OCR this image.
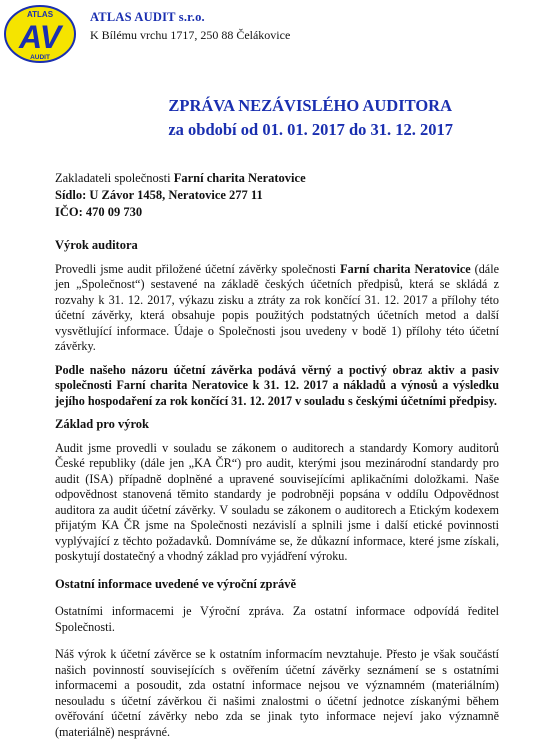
ATLAS
AV
AUDIT
ATLAS AUDIT s.r.o.
K Bílému vrchu 1717, 250 88 Čelákovice
ZPRÁVA NEZÁVISLÉHO AUDITORA
za období od 01. 01. 2017 do 31. 12. 2017
Zakladateli společnosti Farní charita Neratovice
Sídlo: U Závor 1458, Neratovice 277 11
IČO: 470 09 730
Výrok auditora
Provedli jsme audit přiložené účetní závěrky společnosti Farní charita Neratovice (dále jen „Společnost“) sestavené na základě českých účetních předpisů, která se skládá z rozvahy k 31. 12. 2017, výkazu zisku a ztráty za rok končící 31. 12. 2017 a přílohy této účetní závěrky, která obsahuje popis použitých podstatných účetních metod a další vysvětlující informace. Údaje o Společnosti jsou uvedeny v bodě 1) přílohy této účetní závěrky.
Podle našeho názoru účetní závěrka podává věrný a poctivý obraz aktiv a pasiv společnosti Farní charita Neratovice k 31. 12. 2017 a nákladů a výnosů a výsledku jejího hospodaření za rok končící 31. 12. 2017 v souladu s českými účetními předpisy.
Základ pro výrok
Audit jsme provedli v souladu se zákonem o auditorech a standardy Komory auditorů České republiky (dále jen „KA ČR“) pro audit, kterými jsou mezinárodní standardy pro audit (ISA) případně doplněné a upravené souvisejícími aplikačními doložkami. Naše odpovědnost stanovená těmito standardy je podrobněji popsána v oddílu Odpovědnost auditora za audit účetní závěrky. V souladu se zákonem o auditorech a Etickým kodexem přijatým KA ČR jsme na Společnosti nezávislí a splnili jsme i další etické povinnosti vyplývající z těchto požadavků. Domníváme se, že důkazní informace, které jsme získali, poskytují dostatečný a vhodný základ pro vyjádření výroku.
Ostatní informace uvedené ve výroční zprávě
Ostatními informacemi je Výroční zpráva. Za ostatní informace odpovídá ředitel Společnosti.
Náš výrok k účetní závěrce se k ostatním informacím nevztahuje. Přesto je však součástí našich povinností souvisejících s ověřením účetní závěrky seznámení se s ostatními informacemi a posoudit, zda ostatní informace nejsou ve významném (materiálním) nesouladu s účetní závěrkou či našimi znalostmi o účetní jednotce získanými během ověřování účetní závěrky nebo zda se jinak tyto informace nejeví jako významně (materiálně) nesprávné.
